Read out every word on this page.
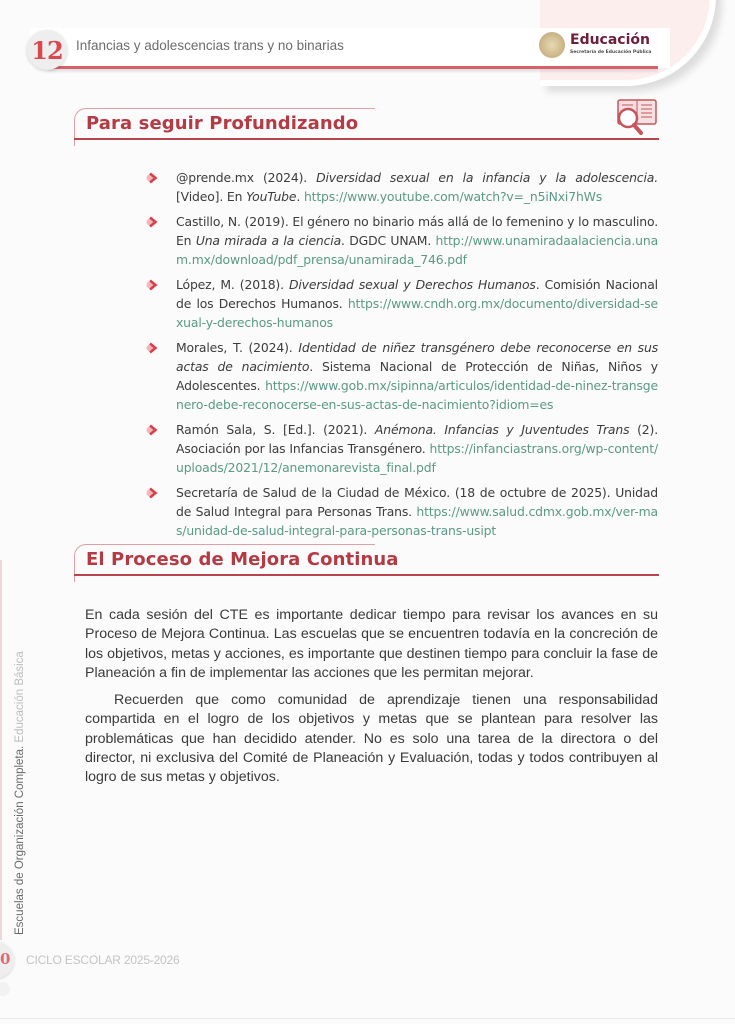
12 Infancias y adolescencias trans y no binarias	Educación
Secretaría de Educación Pública
Para seguir Profundizando
@prende.mx (2024). Diversidad sexual en la infancia y la adolescencia. [Video]. En YouTube. https://www.youtube.com/watch?v=_n5iNxi7hWs
Castillo, N. (2019). El género no binario más allá de lo femenino y lo masculino. En Una mirada a la ciencia. DGDC UNAM. http://www.unamiradaalaciencia.unam.mx/download/pdf_prensa/unamirada_746.pdf
López, M. (2018). Diversidad sexual y Derechos Humanos. Comisión Nacional de los Derechos Humanos. https://www.cndh.org.mx/documento/diversidad-sexual-y-derechos-humanos
Morales, T. (2024). Identidad de niñez transgénero debe reconocerse en sus actas de nacimiento. Sistema Nacional de Protección de Niñas, Niños y Adolescentes. https://www.gob.mx/sipinna/articulos/identidad-de-ninez-transgenero-debe-reconocerse-en-sus-actas-de-nacimiento?idiom=es
Ramón Sala, S. [Ed.]. (2021). Anémona. Infancias y Juventudes Trans (2). Asociación por las Infancias Transgénero. https://infanciastrans.org/wp-content/uploads/2021/12/anemonarevista_final.pdf
Secretaría de Salud de la Ciudad de México. (18 de octubre de 2025). Unidad de Salud Integral para Personas Trans. https://www.salud.cdmx.gob.mx/ver-mas/unidad-de-salud-integral-para-personas-trans-usipt
El Proceso de Mejora Continua

En cada sesión del CTE es importante dedicar tiempo para revisar los avances en su Proceso de Mejora Continua. Las escuelas que se encuentren todavía en la concreción de los objetivos, metas y acciones, es importante que destinen tiempo para concluir la fase de Planeación a fin de implementar las acciones que les permitan mejorar.

Recuerden que como comunidad de aprendizaje tienen una responsabilidad compartida en el logro de los objetivos y metas que se plantean para resolver las problemáticas que han decidido atender. No es solo una tarea de la directora o del director, ni exclusiva del Comité de Planeación y Evaluación, todas y todos contribuyen al logro de sus metas y objetivos.

Escuelas de Organización Completa. Educación Básica
0 CICLO ESCOLAR 2025-2026
